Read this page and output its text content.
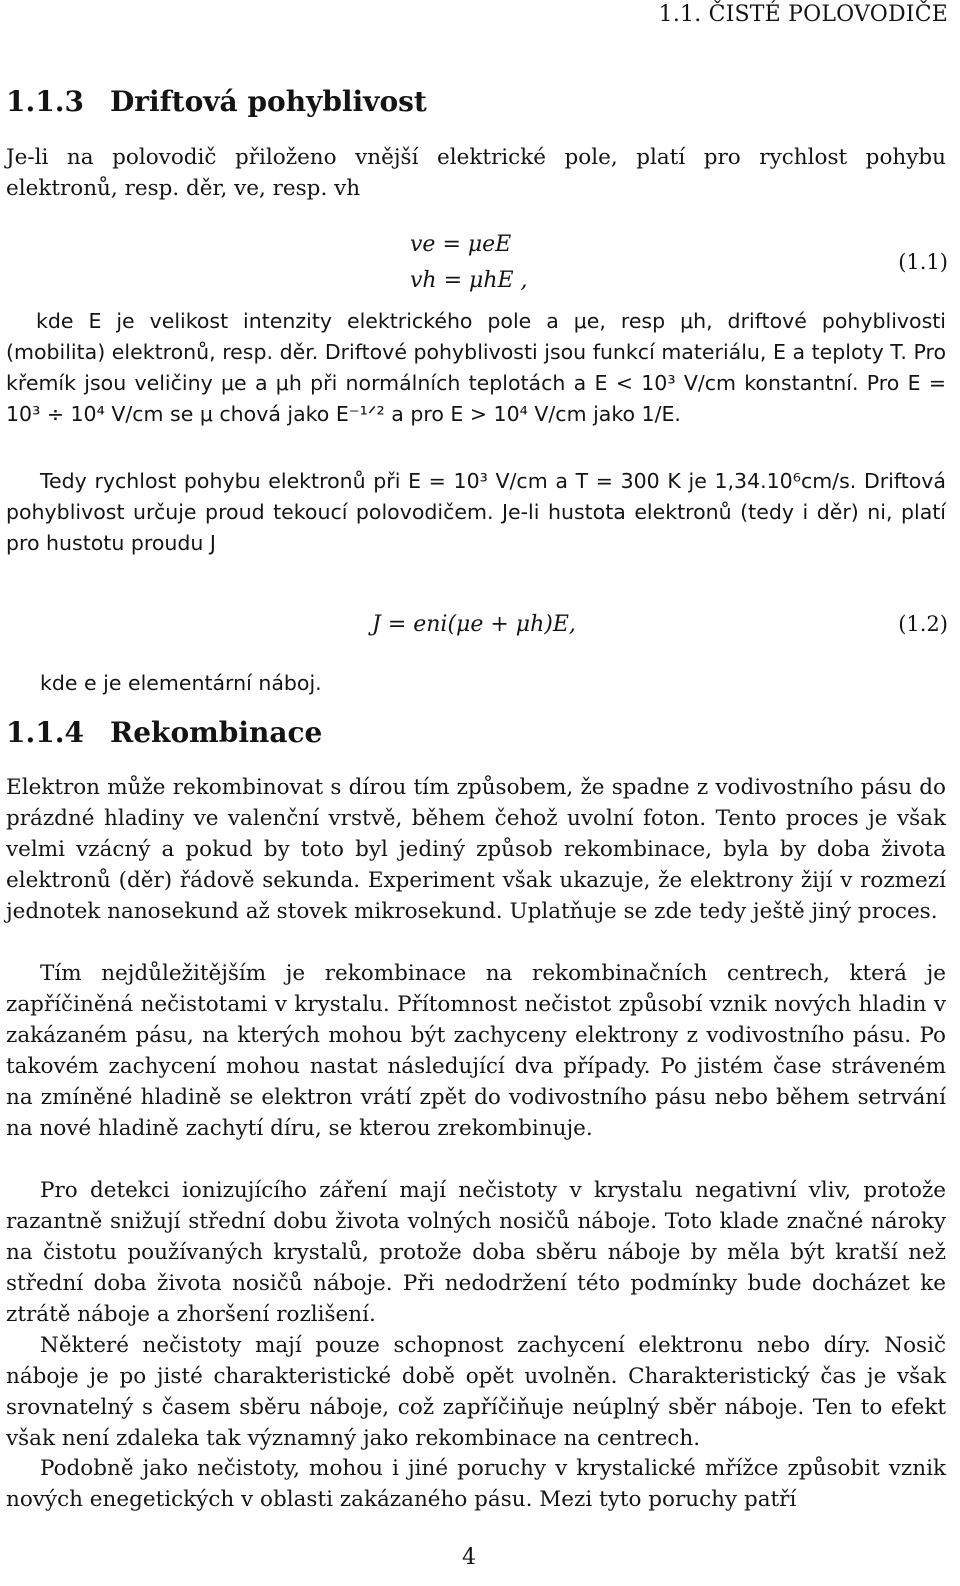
1.1. ČISTÉ POLOVODIČE
1.1.3 Driftová pohyblivost
Je-li na polovodič přiloženo vnější elektrické pole, platí pro rychlost pohybu elektronů, resp. děr, ve, resp. vh
ve = μeE
vh = μhE ,
(1.1)
kde E je velikost intenzity elektrického pole a μe, resp μh, driftové pohyblivosti (mobilita) elektronů, resp. děr. Driftové pohyblivosti jsou funkcí materiálu, E a teploty T. Pro křemík jsou veličiny μe a μh při normálních teplotách a E < 10³ V/cm konstantní. Pro E = 10³ ÷ 10⁴ V/cm se μ chová jako E⁻¹ᐟ² a pro E > 10⁴ V/cm jako 1/E.
Tedy rychlost pohybu elektronů při E = 10³ V/cm a T = 300 K je 1,34.10⁶cm/s. Driftová pohyblivost určuje proud tekoucí polovodičem. Je-li hustota elektronů (tedy i děr) ni, platí pro hustotu proudu J
J = eni(μe + μh)E,	(1.2)
kde e je elementární náboj.
1.1.4 Rekombinace
Elektron může rekombinovat s dírou tím způsobem, že spadne z vodivostního pásu do prázdné hladiny ve valenční vrstvě, během čehož uvolní foton. Tento proces je však velmi vzácný a pokud by toto byl jediný způsob rekombinace, byla by doba života elektronů (děr) řádově sekunda. Experiment však ukazuje, že elektrony žijí v rozmezí jednotek nanosekund až stovek mikrosekund. Uplatňuje se zde tedy ještě jiný proces.
Tím nejdůležitějším je rekombinace na rekombinačních centrech, která je zapříčiněná nečistotami v krystalu. Přítomnost nečistot způsobí vznik nových hladin v zakázaném pásu, na kterých mohou být zachyceny elektrony z vodivostního pásu. Po takovém zachycení mohou nastat následující dva případy. Po jistém čase stráveném na zmíněné hladině se elektron vrátí zpět do vodivostního pásu nebo během setrvání na nové hladině zachytí díru, se kterou zrekombinuje.
Pro detekci ionizujícího záření mají nečistoty v krystalu negativní vliv, protože razantně snižují střední dobu života volných nosičů náboje. Toto klade značné nároky na čistotu používaných krystalů, protože doba sběru náboje by měla být kratší než střední doba života nosičů náboje. Při nedodržení této podmínky bude docházet ke ztrátě náboje a zhoršení rozlišení.
Některé nečistoty mají pouze schopnost zachycení elektronu nebo díry. Nosič náboje je po jisté charakteristické době opět uvolněn. Charakteristický čas je však srovnatelný s časem sběru náboje, což zapříčiňuje neúplný sběr náboje. Ten to efekt však není zdaleka tak významný jako rekombinace na centrech.
Podobně jako nečistoty, mohou i jiné poruchy v krystalické mřížce způsobit vznik nových enegetických v oblasti zakázaného pásu. Mezi tyto poruchy patří
4
